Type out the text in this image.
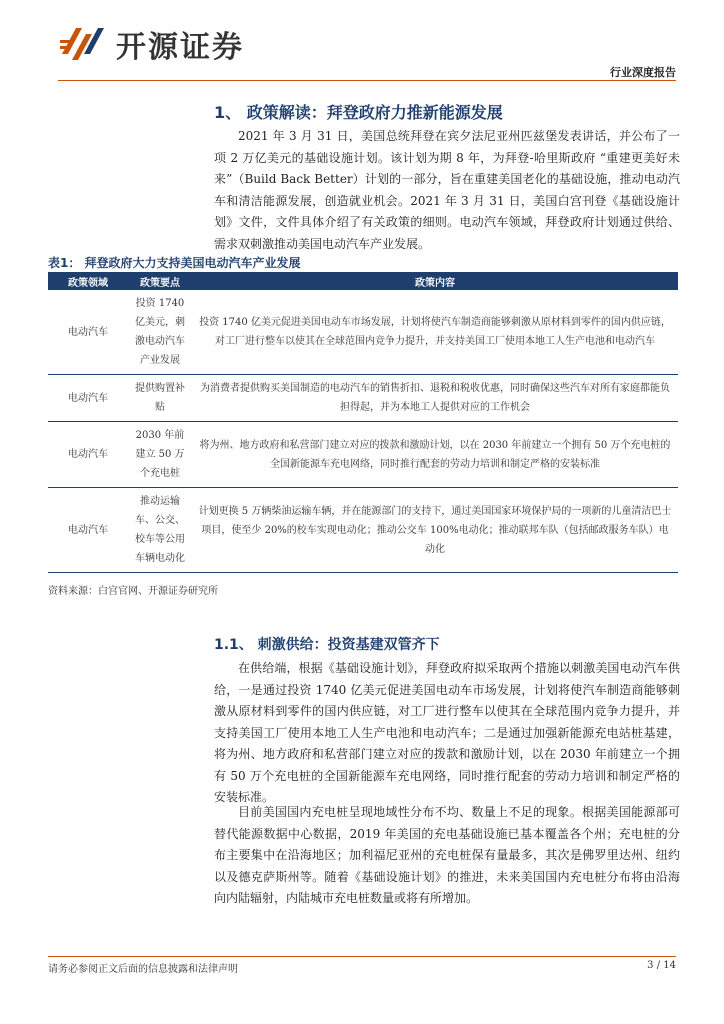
开源证券
行业深度报告
1、 政策解读：拜登政府力推新能源发展
2021 年 3 月 31 日，美国总统拜登在宾夕法尼亚州匹兹堡发表讲话，并公布了一项 2 万亿美元的基础设施计划。该计划为期 8 年，为拜登-哈里斯政府 “重建更美好未来”（Build Back Better）计划的一部分，旨在重建美国老化的基础设施，推动电动汽车和清洁能源发展，创造就业机会。2021 年 3 月 31 日，美国白宫刊登《基础设施计划》文件，文件具体介绍了有关政策的细则。电动汽车领域，拜登政府计划通过供给、需求双刺激推动美国电动汽车产业发展。
表1： 拜登政府大力支持美国电动汽车产业发展
政策领域	政策要点	政策内容
电动汽车	投资 1740 亿美元，刺激电动汽车产业发展	投资 1740 亿美元促进美国电动车市场发展，计划将使汽车制造商能够刺激从原材料到零件的国内供应链，对工厂进行整车以使其在全球范围内竞争力提升，并支持美国工厂使用本地工人生产电池和电动汽车
电动汽车	提供购置补贴	为消费者提供购买美国制造的电动汽车的销售折扣、退税和税收优惠，同时确保这些汽车对所有家庭都能负担得起，并为本地工人提供对应的工作机会
电动汽车	2030 年前建立 50 万个充电桩	将为州、地方政府和私营部门建立对应的拨款和激励计划，以在 2030 年前建立一个拥有 50 万个充电桩的全国新能源车充电网络，同时推行配套的劳动力培训和制定严格的安装标准
电动汽车	推动运输车、公交、校车等公用车辆电动化	计划更换 5 万辆柴油运输车辆，并在能源部门的支持下，通过美国国家环境保护局的一项新的儿童清洁巴士项目，使至少 20%的校车实现电动化；推动公交车 100%电动化；推动联邦车队（包括邮政服务车队）电动化
资料来源：白宫官网、开源证券研究所
1.1、 刺激供给：投资基建双管齐下
在供给端，根据《基础设施计划》，拜登政府拟采取两个措施以刺激美国电动汽车供给，一是通过投资 1740 亿美元促进美国电动车市场发展，计划将使汽车制造商能够刺激从原材料到零件的国内供应链，对工厂进行整车以使其在全球范围内竞争力提升，并支持美国工厂使用本地工人生产电池和电动汽车；二是通过加强新能源充电站桩基建，将为州、地方政府和私营部门建立对应的拨款和激励计划，以在 2030 年前建立一个拥有 50 万个充电桩的全国新能源车充电网络，同时推行配套的劳动力培训和制定严格的安装标准。
目前美国国内充电桩呈现地域性分布不均、数量上不足的现象。根据美国能源部可替代能源数据中心数据，2019 年美国的充电基础设施已基本覆盖各个州；充电桩的分布主要集中在沿海地区；加利福尼亚州的充电桩保有量最多，其次是佛罗里达州、纽约以及德克萨斯州等。随着《基础设施计划》的推进，未来美国国内充电桩分布将由沿海向内陆辐射，内陆城市充电桩数量或将有所增加。
请务必参阅正文后面的信息披露和法律声明	3 / 14
